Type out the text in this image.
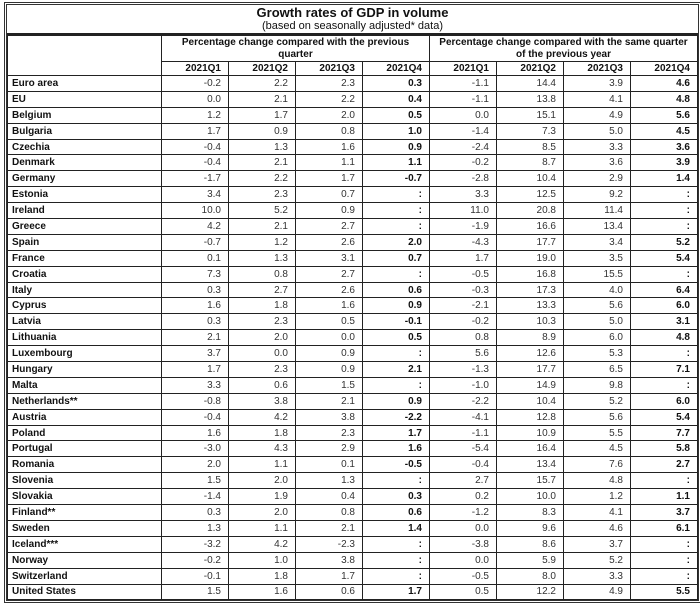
Growth rates of GDP in volume
(based on seasonally adjusted* data)
	Percentage change compared with the previous quarter				Percentage change compared with the same quarter of the previous year			
	2021Q1	2021Q2	2021Q3	2021Q4	2021Q1	2021Q2	2021Q3	2021Q4
Euro area	-0.2	2.2	2.3	0.3	-1.1	14.4	3.9	4.6
EU	0.0	2.1	2.2	0.4	-1.1	13.8	4.1	4.8
Belgium	1.2	1.7	2.0	0.5	0.0	15.1	4.9	5.6
Bulgaria	1.7	0.9	0.8	1.0	-1.4	7.3	5.0	4.5
Czechia	-0.4	1.3	1.6	0.9	-2.4	8.5	3.3	3.6
Denmark	-0.4	2.1	1.1	1.1	-0.2	8.7	3.6	3.9
Germany	-1.7	2.2	1.7	-0.7	-2.8	10.4	2.9	1.4
Estonia	3.4	2.3	0.7	:	3.3	12.5	9.2	:
Ireland	10.0	5.2	0.9	:	11.0	20.8	11.4	:
Greece	4.2	2.1	2.7	:	-1.9	16.6	13.4	:
Spain	-0.7	1.2	2.6	2.0	-4.3	17.7	3.4	5.2
France	0.1	1.3	3.1	0.7	1.7	19.0	3.5	5.4
Croatia	7.3	0.8	2.7	:	-0.5	16.8	15.5	:
Italy	0.3	2.7	2.6	0.6	-0.3	17.3	4.0	6.4
Cyprus	1.6	1.8	1.6	0.9	-2.1	13.3	5.6	6.0
Latvia	0.3	2.3	0.5	-0.1	-0.2	10.3	5.0	3.1
Lithuania	2.1	2.0	0.0	0.5	0.8	8.9	6.0	4.8
Luxembourg	3.7	0.0	0.9	:	5.6	12.6	5.3	:
Hungary	1.7	2.3	0.9	2.1	-1.3	17.7	6.5	7.1
Malta	3.3	0.6	1.5	:	-1.0	14.9	9.8	:
Netherlands**	-0.8	3.8	2.1	0.9	-2.2	10.4	5.2	6.0
Austria	-0.4	4.2	3.8	-2.2	-4.1	12.8	5.6	5.4
Poland	1.6	1.8	2.3	1.7	-1.1	10.9	5.5	7.7
Portugal	-3.0	4.3	2.9	1.6	-5.4	16.4	4.5	5.8
Romania	2.0	1.1	0.1	-0.5	-0.4	13.4	7.6	2.7
Slovenia	1.5	2.0	1.3	:	2.7	15.7	4.8	:
Slovakia	-1.4	1.9	0.4	0.3	0.2	10.0	1.2	1.1
Finland**	0.3	2.0	0.8	0.6	-1.2	8.3	4.1	3.7
Sweden	1.3	1.1	2.1	1.4	0.0	9.6	4.6	6.1
Iceland***	-3.2	4.2	-2.3	:	-3.8	8.6	3.7	:
Norway	-0.2	1.0	3.8	:	0.0	5.9	5.2	:
Switzerland	-0.1	1.8	1.7	:	-0.5	8.0	3.3	:
United States	1.5	1.6	0.6	1.7	0.5	12.2	4.9	5.5
